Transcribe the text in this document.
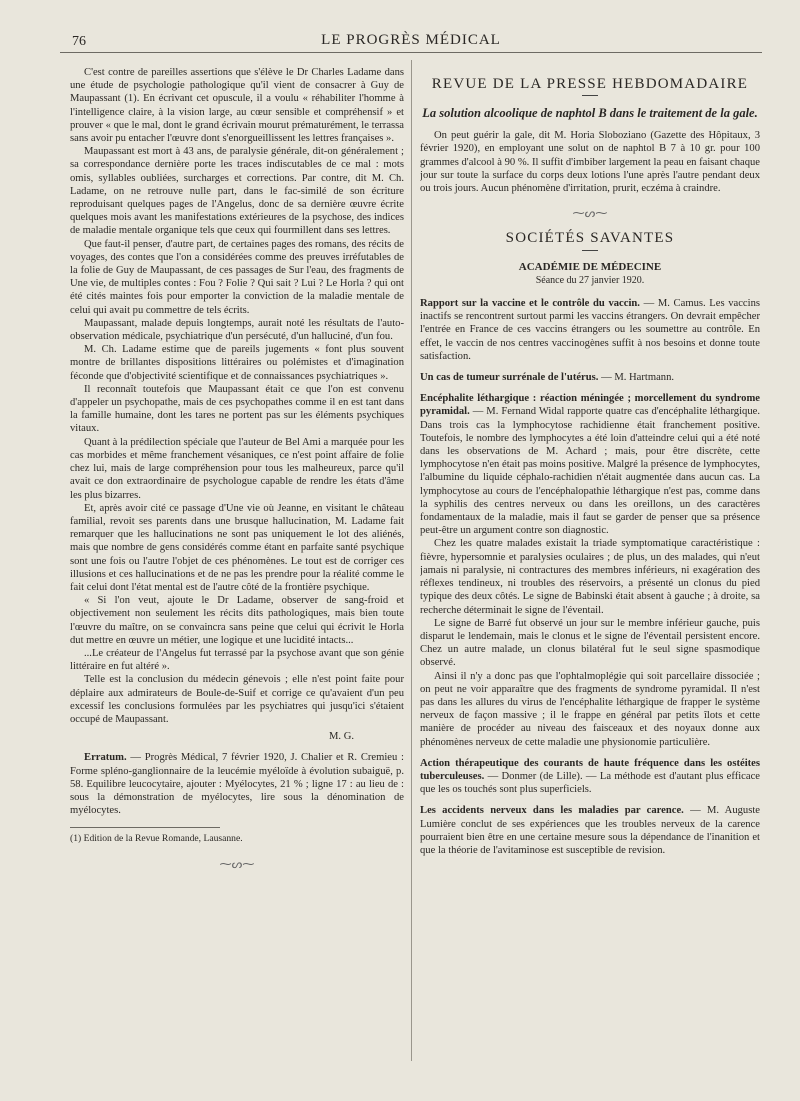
76	LE PROGRÈS MÉDICAL

C'est contre de pareilles assertions que s'élève le Dr Charles Ladame dans une étude de psychologie pathologique qu'il vient de consacrer à Guy de Maupassant (1). En écrivant cet opuscule, il a voulu « réhabiliter l'homme à l'intelligence claire, à la vision large, au cœur sensible et compréhensif » et prouver « que le mal, dont le grand écrivain mourut prématurément, le terrassa sans avoir pu entacher l'œuvre dont s'enorgueillissent les lettres françaises ».

Maupassant est mort à 43 ans, de paralysie générale, dit-on généralement ; sa correspondance dernière porte les traces indiscutables de ce mal : mots omis, syllables oubliées, surcharges et corrections. Par contre, dit M. Ch. Ladame, on ne retrouve nulle part, dans le fac-similé de son écriture reproduisant quelques pages de l'Angelus, donc de sa dernière œuvre écrite quelques mois avant les manifestations extérieures de la psychose, des indices de maladie mentale organique tels que ceux qui fourmillent dans ses lettres.

Que faut-il penser, d'autre part, de certaines pages des romans, des récits de voyages, des contes que l'on a considérées comme des preuves irréfutables de la folie de Guy de Maupassant, de ces passages de Sur l'eau, des fragments de Une vie, de multiples contes : Fou ? Folie ? Qui sait ? Lui ? Le Horla ? qui ont été cités maintes fois pour emporter la conviction de la maladie mentale de celui qui avait pu commettre de tels écrits.

Maupassant, malade depuis longtemps, aurait noté les résultats de l'auto-observation médicale, psychiatrique d'un persécuté, d'un halluciné, d'un fou.

M. Ch. Ladame estime que de pareils jugements « font plus souvent montre de brillantes dispositions littéraires ou polémistes et d'imagination féconde que d'objectivité scientifique et de connaissances psychiatriques ».

Il reconnaît toutefois que Maupassant était ce que l'on est convenu d'appeler un psychopathe, mais de ces psychopathes comme il en est tant dans la famille humaine, dont les tares ne portent pas sur les éléments psychiques vitaux.

Quant à la prédilection spéciale que l'auteur de Bel Ami a marquée pour les cas morbides et même franchement vésaniques, ce n'est point affaire de folie chez lui, mais de large compréhension pour tous les malheureux, parce qu'il avait ce don extraordinaire de psychologue capable de rendre les états d'âme les plus bizarres.

Et, après avoir cité ce passage d'Une vie où Jeanne, en visitant le château familial, revoit ses parents dans une brusque hallucination, M. Ladame fait remarquer que les hallucinations ne sont pas uniquement le lot des aliénés, mais que nombre de gens considérés comme étant en parfaite santé psychique sont une fois ou l'autre l'objet de ces phénomènes. Le tout est de corriger ces illusions et ces hallucinations et de ne pas les prendre pour la réalité comme le fait celui dont l'état mental est de l'autre côté de la frontière psychique.

« Si l'on veut, ajoute le Dr Ladame, observer de sang-froid et objectivement non seulement les récits dits pathologiques, mais bien toute l'œuvre du maître, on se convaincra sans peine que celui qui écrivit le Horla dut mettre en œuvre un métier, une logique et une lucidité intacts...

...Le créateur de l'Angelus fut terrassé par la psychose avant que son génie littéraire en fut altéré ».

Telle est la conclusion du médecin génevois ; elle n'est point faite pour déplaire aux admirateurs de Boule-de-Suif et corrige ce qu'avaient d'un peu excessif les conclusions formulées par les psychiatres qui jusqu'ici s'étaient occupé de Maupassant.

M. G.

Erratum. — Progrès Médical, 7 février 1920, J. Chalier et R. Cremieu : Forme spléno-ganglionnaire de la leucémie myéloïde à évolution subaiguë, p. 58. Equilibre leucocytaire, ajouter : Myélocytes, 21 % ; ligne 17 : au lieu de : sous la démonstration de myélocytes, lire sous la dénomination de myélocytes.

(1) Edition de la Revue Romande, Lausanne.

⁓ᔕ⁓
REVUE DE LA PRESSE HEBDOMADAIRE

La solution alcoolique de naphtol B dans le traitement de la gale.

On peut guérir la gale, dit M. Horia Sloboziano (Gazette des Hôpitaux, 3 février 1920), en employant une solut on de naphtol B 7 à 10 gr. pour 100 grammes d'alcool à 90 %. Il suffit d'imbiber largement la peau en faisant chaque jour sur toute la surface du corps deux lotions l'une après l'autre pendant deux ou trois jours. Aucun phénomène d'irritation, prurit, eczéma à craindre.

⁓ᔕ⁓
SOCIÉTÉS SAVANTES

ACADÉMIE DE MÉDECINE

Séance du 27 janvier 1920.

Rapport sur la vaccine et le contrôle du vaccin. — M. Camus. Les vaccins inactifs se rencontrent surtout parmi les vaccins étrangers. On devrait empêcher l'entrée en France de ces vaccins étrangers ou les soumettre au contrôle. En effet, le vaccin de nos centres vaccinogènes suffit à nos besoins et donne toute satisfaction.

Un cas de tumeur surrénale de l'utérus. — M. Hartmann.

Encéphalite léthargique : réaction méningée ; morcellement du syndrome pyramidal. — M. Fernand Widal rapporte quatre cas d'encéphalite léthargique. Dans trois cas la lymphocytose rachidienne était franchement positive. Toutefois, le nombre des lymphocytes a été loin d'atteindre celui qui a été noté dans les observations de M. Achard ; mais, pour être discrète, cette lymphocytose n'en était pas moins positive. Malgré la présence de lymphocytes, l'albumine du liquide céphalo-rachidien n'était augmentée dans aucun cas. La lymphocytose au cours de l'encéphalopathie léthargique n'est pas, comme dans la syphilis des centres nerveux ou dans les oreillons, un des caractères fondamentaux de la maladie, mais il faut se garder de penser que sa présence peut-être un argument contre son diagnostic.

Chez les quatre malades existait la triade symptomatique caractéristique : fièvre, hypersomnie et paralysies oculaires ; de plus, un des malades, qui n'eut jamais ni paralysie, ni contractures des membres inférieurs, ni exagération des réflexes tendineux, ni troubles des réservoirs, a présenté un clonus du pied typique des deux côtés. Le signe de Babinski était absent à gauche ; à droite, sa recherche déterminait le signe de l'éventail.

Le signe de Barré fut observé un jour sur le membre inférieur gauche, puis disparut le lendemain, mais le clonus et le signe de l'éventail persistent encore. Chez un autre malade, un clonus bilatéral fut le seul signe spasmodique observé.

Ainsi il n'y a donc pas que l'ophtalmoplégie qui soit parcellaire dissociée ; on peut ne voir apparaître que des fragments de syndrome pyramidal. Il n'est pas dans les allures du virus de l'encéphalite léthargique de frapper le système nerveux de façon massive ; il le frappe en général par petits îlots et cette manière de procéder au niveau des faisceaux et des noyaux donne aux phénomènes nerveux de cette maladie une physionomie particulière.

Action thérapeutique des courants de haute fréquence dans les ostéites tuberculeuses. — Donmer (de Lille). — La méthode est d'autant plus efficace que les os touchés sont plus superficiels.

Les accidents nerveux dans les maladies par carence. — M. Auguste Lumière conclut de ses expériences que les troubles nerveux de la carence pourraient bien être en une certaine mesure sous la dépendance de l'inanition et que la théorie de l'avitaminose est susceptible de revision.
